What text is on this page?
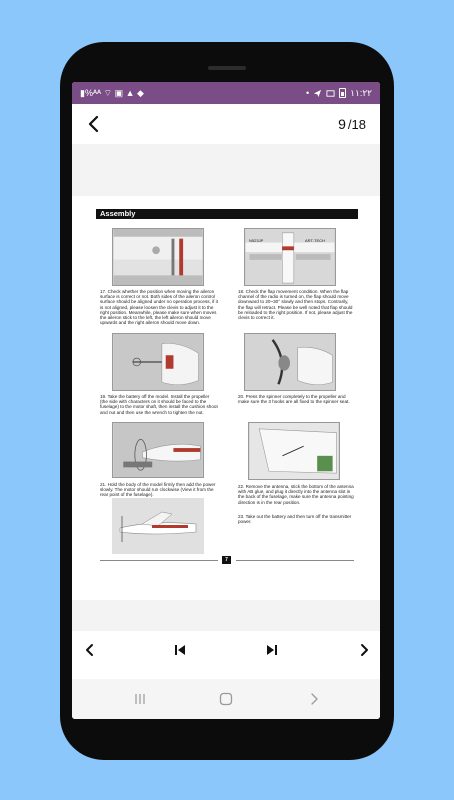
▮%ᴬᴬ ⌔ ▣ ▲ ◆	•	١١:٢٢
9 /18
Assembly
17. Check whether the position when moving the aileron surface is correct or not. Both sides of the aileron control surface should be aligned under no operation process, if it is not aligned, please loosen the clevis to adjust it to the right position. Meanwhile, please make sure when moves the aileron stick to the left, the left aileron should move upwards and the right aileron should move down.
N523JP	ART-TECH
18. Check the flap movement condition. When the flap channel of the radio is turned on, the flap should move downward to 20~30° slowly and then stops. Contrarily, the flap will retract. Please be well noted that flap should be reloaded to the right position. If not, please adjust the clevis to correct it.
19. Take the battery off the model. Install the propeller (the side with characters on it should be faced to the fuselage) to the motor shaft, then install the cushion shoot and nut and then use the wrench to tighten the nut.
20. Press the spinner completely to the propeller and make sure the 3 hooks are all fixed to the spinner seat.
21. Hold the body of the model firmly then add the power slowly. The motor should run clockwise (View it from the rear point of the fuselage).
22. Remove the antenna, stick the bottom of the antenna with AB glue, and plug it directly into the antenna slot in the back of the fuselage, make sure the antenna pointing direction is in the rear position.
23. Take out the battery and then turn off the transmitter power.
7
